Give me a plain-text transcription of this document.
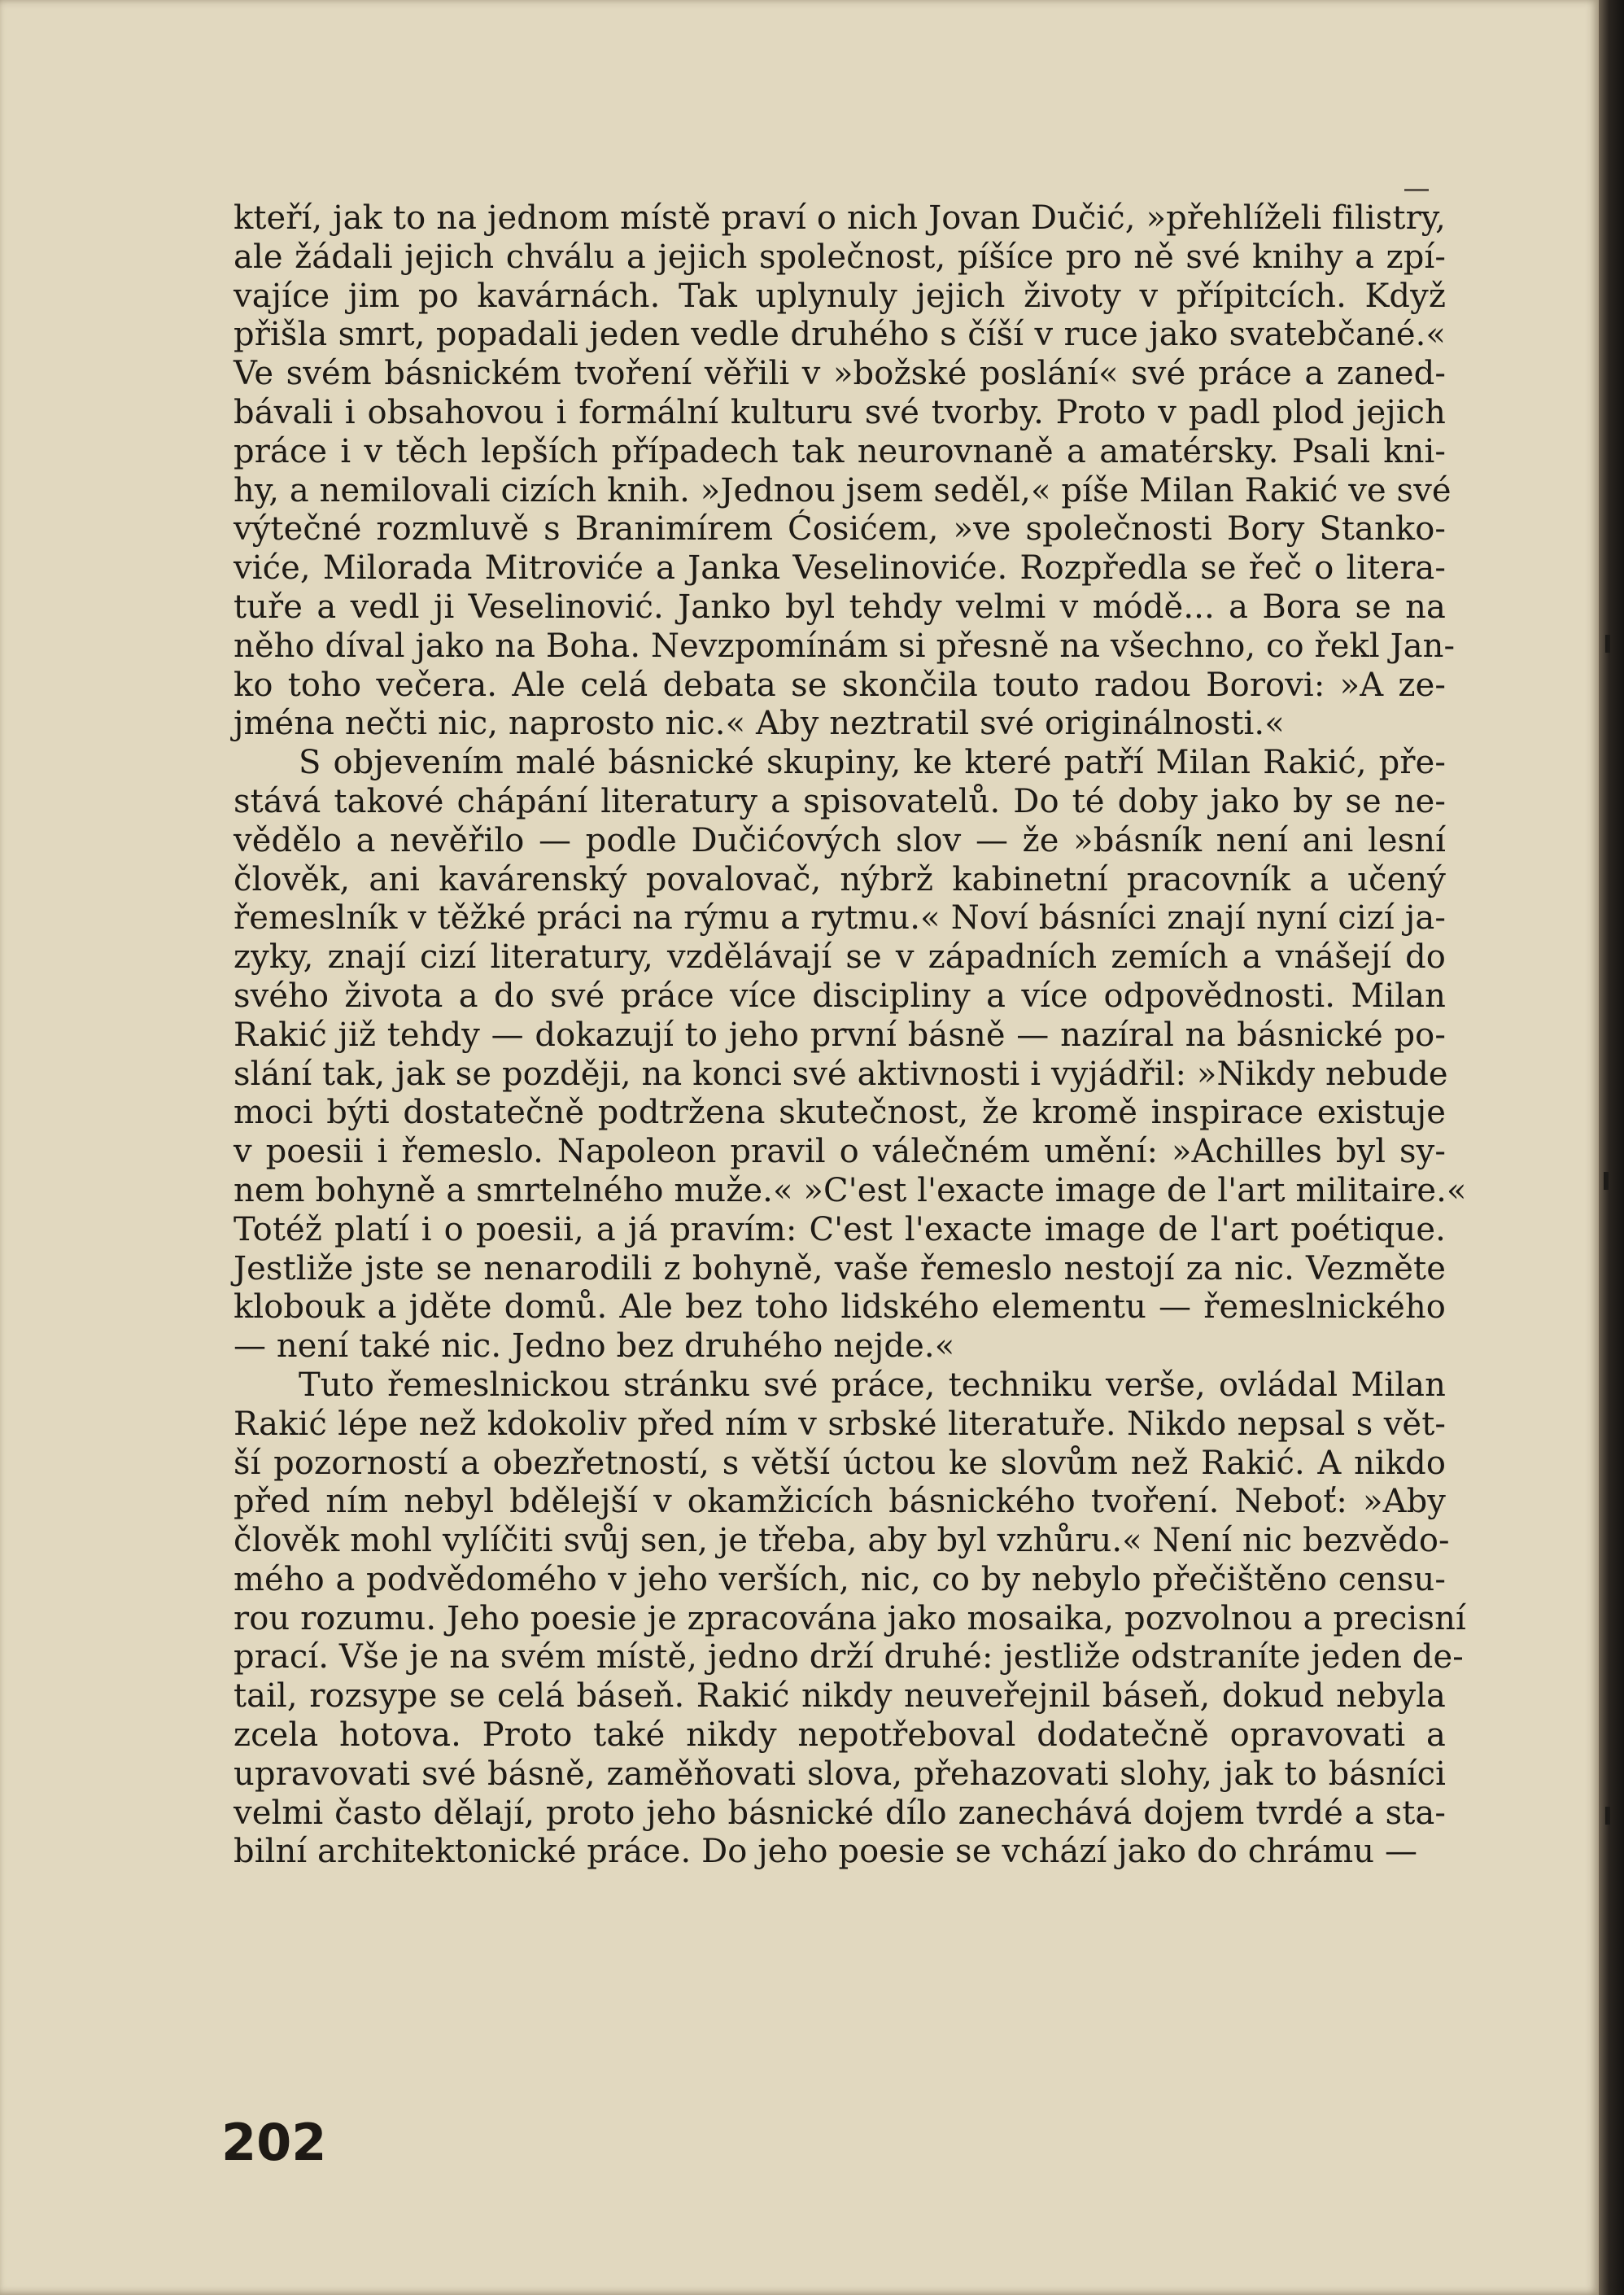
kteří, jak to na jednom místě praví o nich Jovan Dučić, »přehlíželi filistry,
ale žádali jejich chválu a jejich společnost, píšíce pro ně své knihy a zpí-
vajíce jim po kavárnách. Tak uplynuly jejich životy v přípitcích. Když
přišla smrt, popadali jeden vedle druhého s číší v ruce jako svatebčané.«
Ve svém básnickém tvoření věřili v »božské poslání« své práce a zaned-
bávali i obsahovou i formální kulturu své tvorby. Proto v padl plod jejich
práce i v těch lepších případech tak neurovnaně a amatérsky. Psali kni-
hy, a nemilovali cizích knih. »Jednou jsem seděl,« píše Milan Rakić ve své
výtečné rozmluvě s Branimírem Ćosićem, »ve společnosti Bory Stanko-
viće, Milorada Mitroviće a Janka Veselinoviće. Rozpředla se řeč o litera-
tuře a vedl ji Veselinović. Janko byl tehdy velmi v módě... a Bora se na
něho díval jako na Boha. Nevzpomínám si přesně na všechno, co řekl Jan-
ko toho večera. Ale celá debata se skončila touto radou Borovi: »A ze-
jména nečti nic, naprosto nic.« Aby neztratil své originálnosti.«

S objevením malé básnické skupiny, ke které patří Milan Rakić, pře-
stává takové chápání literatury a spisovatelů. Do té doby jako by se ne-
vědělo a nevěřilo — podle Dučićových slov — že »básník není ani lesní
člověk, ani kavárenský povalovač, nýbrž kabinetní pracovník a učený
řemeslník v těžké práci na rýmu a rytmu.« Noví básníci znají nyní cizí ja-
zyky, znají cizí literatury, vzdělávají se v západních zemích a vnášejí do
svého života a do své práce více discipliny a více odpovědnosti. Milan
Rakić již tehdy — dokazují to jeho první básně — nazíral na básnické po-
slání tak, jak se později, na konci své aktivnosti i vyjádřil: »Nikdy nebude
moci býti dostatečně podtržena skutečnost, že kromě inspirace existuje
v poesii i řemeslo. Napoleon pravil o válečném umění: »Achilles byl sy-
nem bohyně a smrtelného muže.« »C'est l'exacte image de l'art militaire.«
Totéž platí i o poesii, a já pravím: C'est l'exacte image de l'art poétique.
Jestliže jste se nenarodili z bohyně, vaše řemeslo nestojí za nic. Vezměte
klobouk a jděte domů. Ale bez toho lidského elementu — řemeslnického
— není také nic. Jedno bez druhého nejde.«

Tuto řemeslnickou stránku své práce, techniku verše, ovládal Milan
Rakić lépe než kdokoliv před ním v srbské literatuře. Nikdo nepsal s vět-
ší pozorností a obezřetností, s větší úctou ke slovům než Rakić. A nikdo
před ním nebyl bdělejší v okamžicích básnického tvoření. Neboť: »Aby
člověk mohl vylíčiti svůj sen, je třeba, aby byl vzhůru.« Není nic bezvědo-
mého a podvědomého v jeho verších, nic, co by nebylo přečištěno censu-
rou rozumu. Jeho poesie je zpracována jako mosaika, pozvolnou a precisní
prací. Vše je na svém místě, jedno drží druhé: jestliže odstraníte jeden de-
tail, rozsype se celá báseň. Rakić nikdy neuveřejnil báseň, dokud nebyla
zcela hotova. Proto také nikdy nepotřeboval dodatečně opravovati a
upravovati své básně, zaměňovati slova, přehazovati slohy, jak to básníci
velmi často dělají, proto jeho básnické dílo zanechává dojem tvrdé a sta-
bilní architektonické práce. Do jeho poesie se vchází jako do chrámu —

202
